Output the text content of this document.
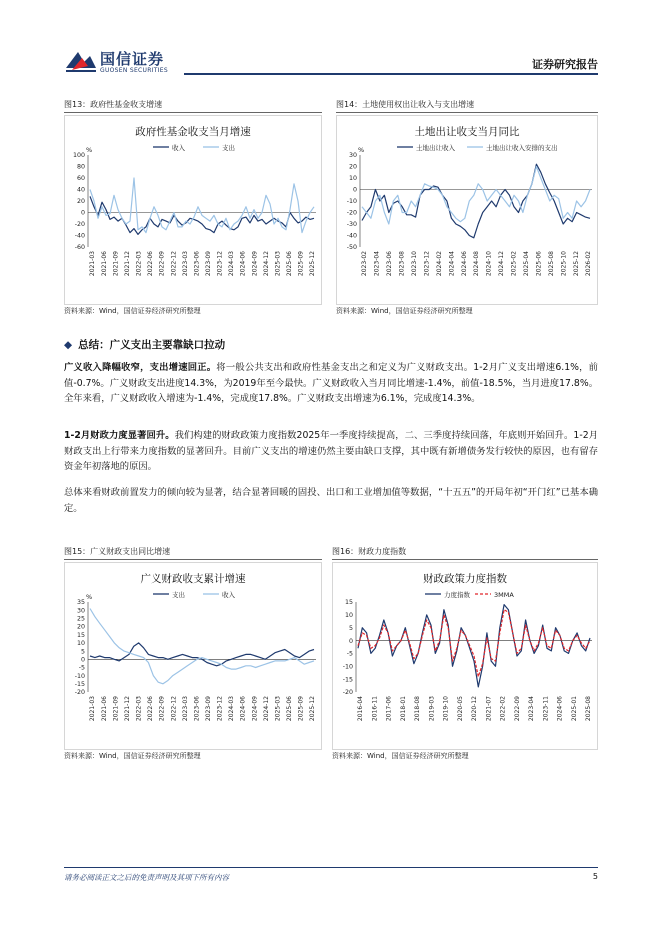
国信证券
GUOSEN SECURITIES	证券研究报告
图13：政府性基金收支增速
政府性基金收支当月增速
收入	支出
%
-60
-40
-20
0
20
40
60
80
100
2021-03 2021-06 2021-09 2021-12 2022-03 2022-06 2022-09 2022-12 2023-03 2023-06 2023-09 2023-12 2024-03 2024-06 2024-09 2024-12 2025-03 2025-06 2025-09 2025-12
资料来源：Wind，国信证券经济研究所整理
图14：土地使用权出让收入与支出增速
土地出让收支当月同比
土地出让收入	土地出让收入安排的支出
%
-50
-40
-30
-20
-10
0
10
20
30
2023-02 2023-04 2023-06 2023-08 2023-10 2023-12 2024-02 2024-04 2024-06 2024-08 2024-10 2024-12 2025-02 2025-04 2025-06 2025-08 2025-10 2025-12 2026-02
资料来源：Wind，国信证券经济研究所整理
◆ 总结：广义支出主要靠缺口拉动
广义收入降幅收窄，支出增速回正。将一般公共支出和政府性基金支出之和定义为广义财政支出。1-2月广义支出增速6.1%，前值-0.7%。广义财政支出进度14.3%，为2019年至今最快。广义财政收入当月同比增速-1.4%，前值-18.5%，当月进度17.8%。全年来看，广义财政收入增速为-1.4%，完成度17.8%。广义财政支出增速为6.1%，完成度14.3%。
1-2月财政力度显著回升。我们构建的财政政策力度指数2025年一季度持续提高，二、三季度持续回落，年底则开始回升。1-2月财政支出上行带来力度指数的显著回升。目前广义支出的增速仍然主要由缺口支撑，其中既有新增债务发行较快的原因，也有留存资金年初落地的原因。
总体来看财政前置发力的倾向较为显著，结合显著回暖的固投、出口和工业增加值等数据，“十五五”的开局年初“开门红”已基本确定。
图15：广义财政支出同比增速
广义财政收支累计增速
支出	收入
%
-20
-15
-10
-5
0
5
10
15
20
25
30
35
2021-03 2021-06 2021-09 2021-12 2022-03 2022-06 2022-09 2022-12 2023-03 2023-06 2023-09 2023-12 2024-03 2024-06 2024-09 2024-12 2025-03 2025-06 2025-09 2025-12
资料来源：Wind，国信证券经济研究所整理
图16：财政力度指数
财政政策力度指数
力度指数	3MMA
-20
-15
-10
-5
0
5
10
15
2016-04 2016-11 2017-06 2018-01 2018-08 2019-03 2019-10 2020-05 2020-12 2021-07 2022-02 2022-09 2023-04 2023-11 2024-06 2025-01 2025-08
资料来源：Wind，国信证券经济研究所整理
请务必阅读正文之后的免责声明及其项下所有内容	5
